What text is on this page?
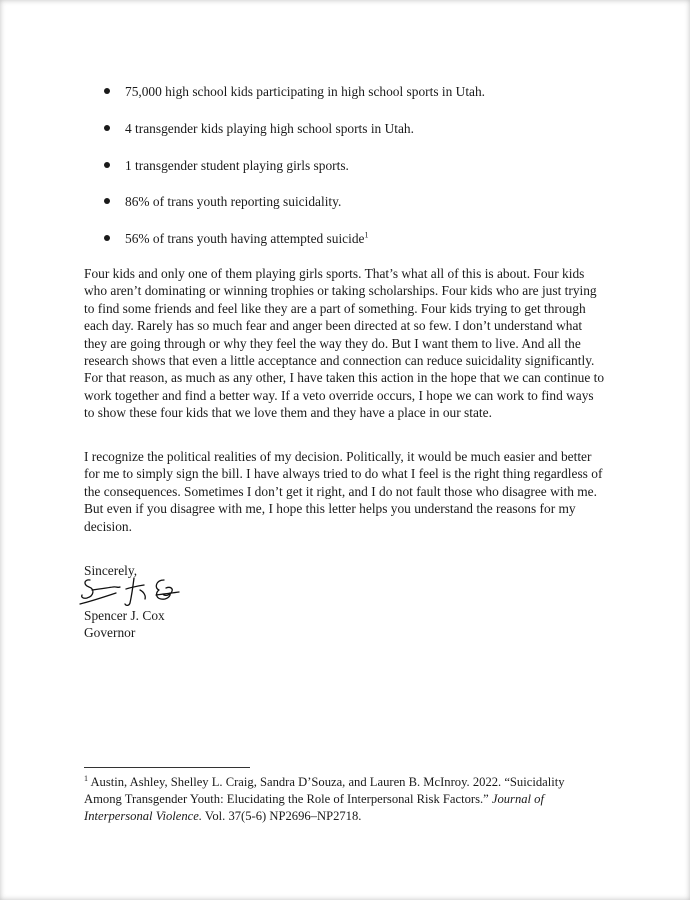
75,000 high school kids participating in high school sports in Utah.
4 transgender kids playing high school sports in Utah.
1 transgender student playing girls sports.
86% of trans youth reporting suicidality.
56% of trans youth having attempted suicide$^1$
Four kids and only one of them playing girls sports. That’s what all of this is about. Four kids
who aren’t dominating or winning trophies or taking scholarships. Four kids who are just trying
to find some friends and feel like they are a part of something. Four kids trying to get through
each day. Rarely has so much fear and anger been directed at so few. I don’t understand what
they are going through or why they feel the way they do. But I want them to live. And all the
research shows that even a little acceptance and connection can reduce suicidality significantly.
For that reason, as much as any other, I have taken this action in the hope that we can continue to
work together and find a better way. If a veto override occurs, I hope we can work to find ways
to show these four kids that we love them and they have a place in our state.
I recognize the political realities of my decision. Politically, it would be much easier and better
for me to simply sign the bill. I have always tried to do what I feel is the right thing regardless of
the consequences. Sometimes I don’t get it right, and I do not fault those who disagree with me.
But even if you disagree with me, I hope this letter helps you understand the reasons for my
decision.
Sincerely,
Spencer J. Cox
Governor
$^1$ Austin, Ashley, Shelley L. Craig, Sandra D’Souza, and Lauren B. McInroy. 2022. “Suicidality
Among Transgender Youth: Elucidating the Role of Interpersonal Risk Factors.” Journal of
Interpersonal Violence. Vol. 37(5-6) NP2696–NP2718.
